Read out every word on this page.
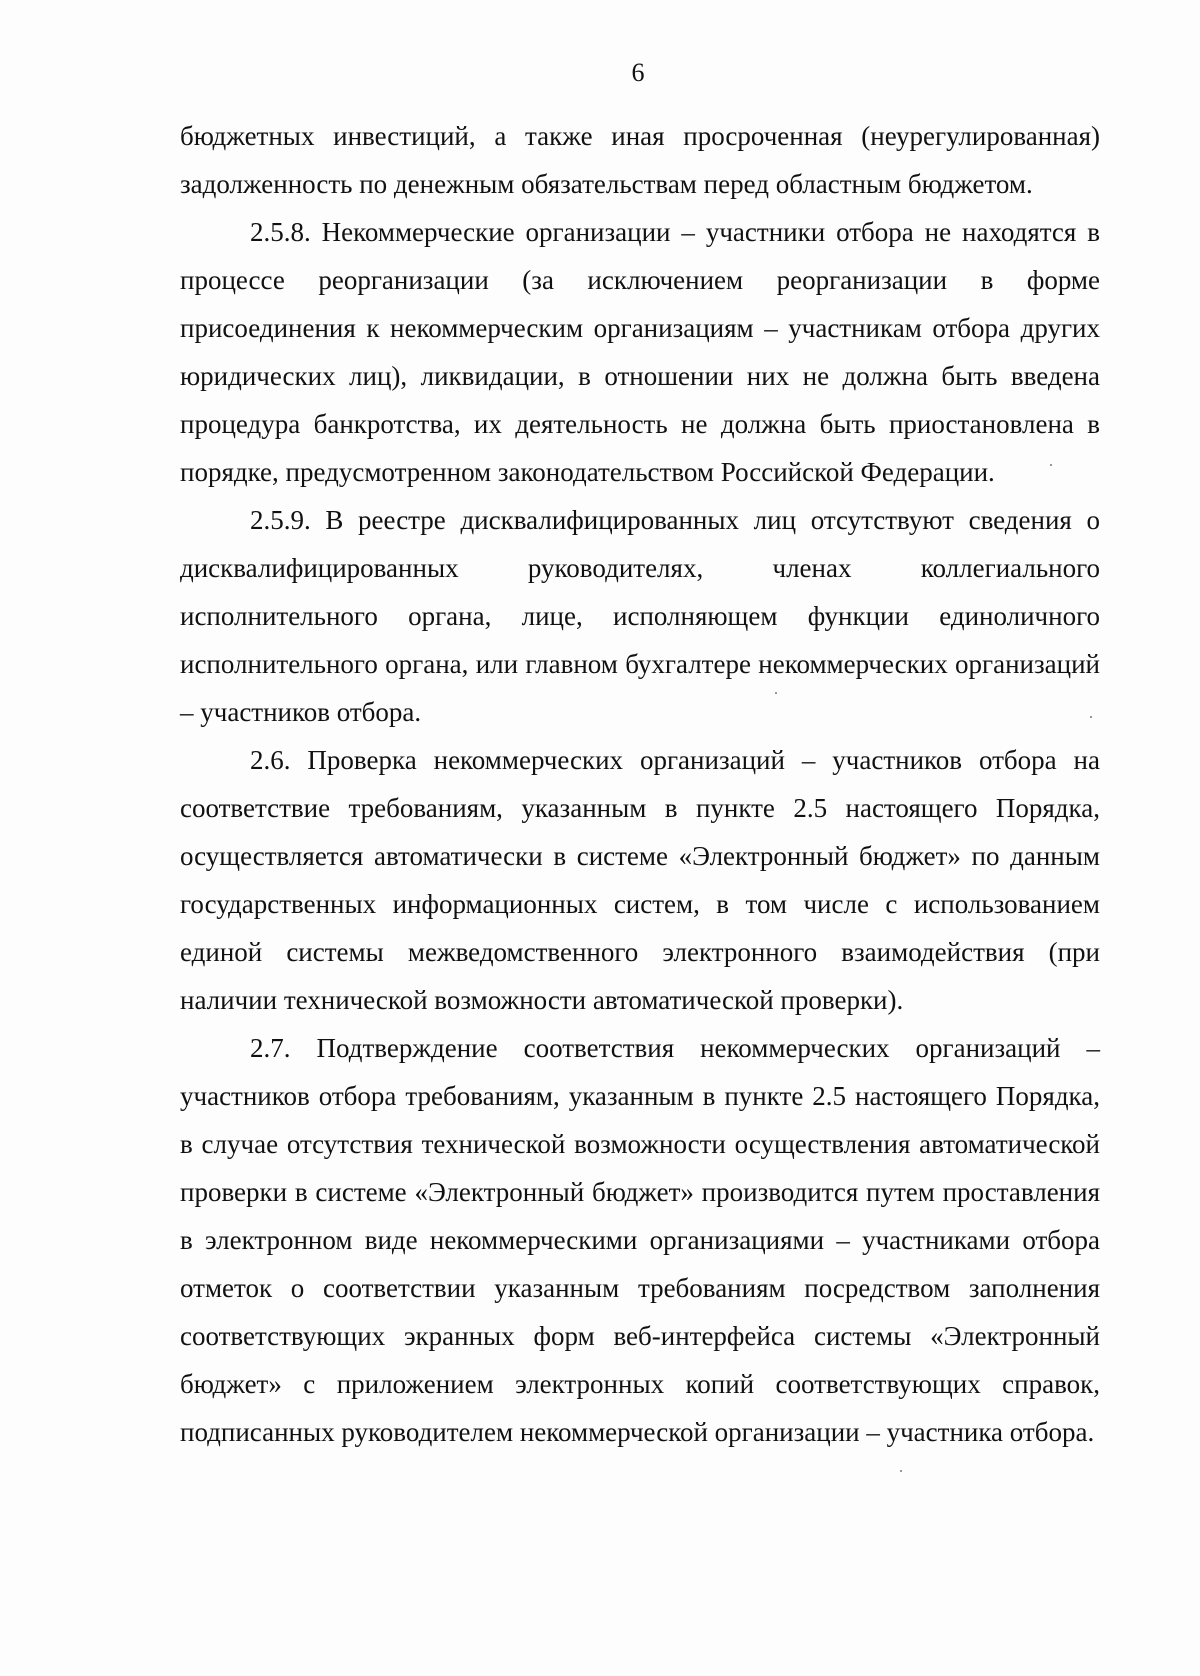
6

бюджетных инвестиций, а также иная просроченная (неурегулированная) задолженность по денежным обязательствам перед областным бюджетом.

2.5.8. Некоммерческие организации – участники отбора не находятся в процессе реорганизации (за исключением реорганизации в форме присоединения к некоммерческим организациям – участникам отбора других юридических лиц), ликвидации, в отношении них не должна быть введена процедура банкротства, их деятельность не должна быть приостановлена в порядке, предусмотренном законодательством Российской Федерации.

2.5.9. В реестре дисквалифицированных лиц отсутствуют сведения о дисквалифицированных руководителях, членах коллегиального исполнительного органа, лице, исполняющем функции единоличного исполнительного органа, или главном бухгалтере некоммерческих организаций – участников отбора.

2.6. Проверка некоммерческих организаций – участников отбора на соответствие требованиям, указанным в пункте 2.5 настоящего Порядка, осуществляется автоматически в системе «Электронный бюджет» по данным государственных информационных систем, в том числе с использованием единой системы межведомственного электронного взаимодействия (при наличии технической возможности автоматической проверки).

2.7. Подтверждение соответствия некоммерческих организаций – участников отбора требованиям, указанным в пункте 2.5 настоящего Порядка, в случае отсутствия технической возможности осуществления автоматической проверки в системе «Электронный бюджет» производится путем проставления в электронном виде некоммерческими организациями – участниками отбора отметок о соответствии указанным требованиям посредством заполнения соответствующих экранных форм веб-интерфейса системы «Электронный бюджет» с приложением электронных копий соответствующих справок, подписанных руководителем некоммерческой организации – участника отбора.
